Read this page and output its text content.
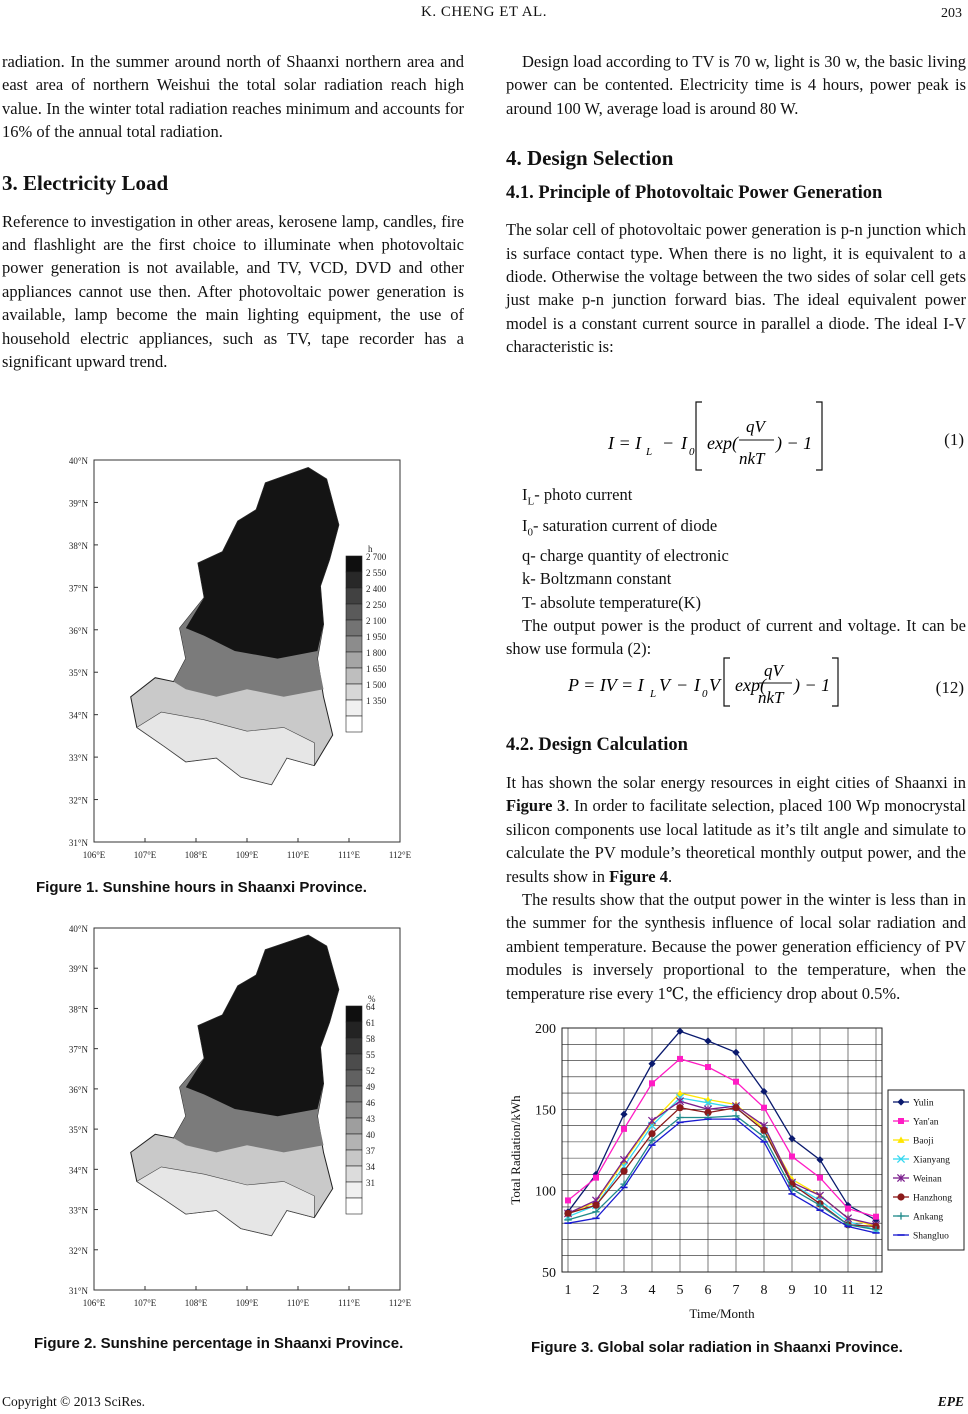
K. CHENG ET AL.	203

radiation. In the summer around north of Shaanxi northern area and east area of northern Weishui the total solar radiation reach high value. In the winter total radiation reaches minimum and accounts for 16% of the annual total radiation.

3. Electricity Load

Reference to investigation in other areas, kerosene lamp, candles, fire and flashlight are the first choice to illuminate when photovoltaic power generation is not available, and TV, VCD, DVD and other appliances cannot use then. After photovoltaic power generation is available, lamp become the main lighting equipment, the use of household electric appliances, such as TV, tape recorder has a significant upward trend.

40°N
39°N
38°N
37°N
36°N
35°N
34°N
33°N
32°N
31°N
106°E	107°E	108°E	109°E	110°E	111°E	112°E
h
2 700
2 550
2 400
2 250
2 100
1 950
1 800
1 650
1 500
1 350
Figure 1. Sunshine hours in Shaanxi Province.
40°N
39°N
38°N
37°N
36°N
35°N
34°N
33°N
32°N
31°N
106°E	107°E	108°E	109°E	110°E	111°E	112°E
%
64
61
58
55
52
49
46
43
40
37
34
31
Figure 2. Sunshine percentage in Shaanxi Province.

Design load according to TV is 70 w, light is 30 w, the basic living power can be contented. Electricity time is 4 hours, power peak is around 100 W, average load is around 80 W.

4. Design Selection
4.1. Principle of Photovoltaic Power Generation

The solar cell of photovoltaic power generation is p-n junction which is surface contact type. When there is no light, it is equivalent to a diode. Otherwise the voltage between the two sides of solar cell gets just make p-n junction forward bias. The ideal equivalent power model is a constant current source in parallel a diode. The ideal I-V characteristic is:

I = I L − I 0 exp(
qV
nkT
) − 1	(1)

$I_L-$ photo current

$I_0-$ saturation current of diode

q- charge quantity of electronic

k- Boltzmann constant

T- absolute temperature(K)

The output power is the product of current and voltage. It can be show use formula (2):

P = IV = I L V − I 0 V exp(
qV
nkT
) − 1	(12)
4.2. Design Calculation

It has shown the solar energy resources in eight cities of Shaanxi in Figure 3. In order to facilitate selection, placed 100 Wp monocrystal silicon components use local latitude as it’s tilt angle and simulate to calculate the PV module’s theoretical monthly output power, and the results show in Figure 4.

The results show that the output power in the winter is less than in the summer for the synthesis influence of local solar radiation and ambient temperature. Because the power generation efficiency of PV modules is inversely proportional to the temperature, when the temperature rise every 1℃, the efficiency drop about 0.5%.

50
100
150
200
1 2 3 4 5 6 7 8 9 10 11 12
Time/Month
Total Radiation/kWh	Yulin
Yan'an
Baoji
Xianyang
Weinan
Hanzhong
Ankang
Shangluo
Figure 3. Global solar radiation in Shaanxi Province.
Copyright © 2013 SciRes.	EPE
